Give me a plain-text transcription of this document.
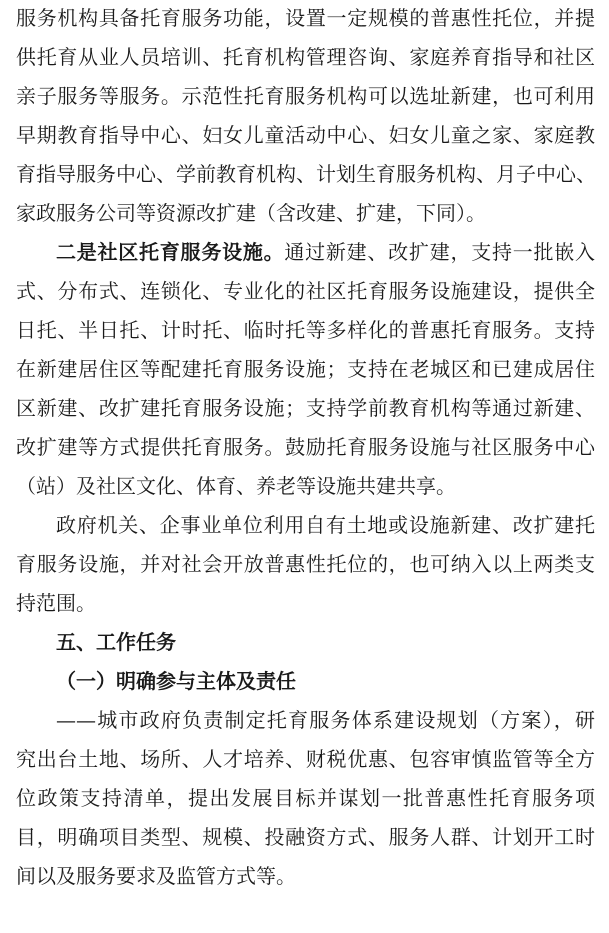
服务机构具备托育服务功能，设置一定规模的普惠性托位，并提
供托育从业人员培训、托育机构管理咨询、家庭养育指导和社区
亲子服务等服务。示范性托育服务机构可以选址新建，也可利用
早期教育指导中心、妇女儿童活动中心、妇女儿童之家、家庭教
育指导服务中心、学前教育机构、计划生育服务机构、月子中心、
家政服务公司等资源改扩建（含改建、扩建，下同）。
二是社区托育服务设施。通过新建、改扩建，支持一批嵌入
式、分布式、连锁化、专业化的社区托育服务设施建设，提供全
日托、半日托、计时托、临时托等多样化的普惠托育服务。支持
在新建居住区等配建托育服务设施；支持在老城区和已建成居住
区新建、改扩建托育服务设施；支持学前教育机构等通过新建、
改扩建等方式提供托育服务。鼓励托育服务设施与社区服务中心
（站）及社区文化、体育、养老等设施共建共享。
政府机关、企事业单位利用自有土地或设施新建、改扩建托
育服务设施，并对社会开放普惠性托位的，也可纳入以上两类支
持范围。
五、工作任务
（一）明确参与主体及责任
——城市政府负责制定托育服务体系建设规划（方案），研
究出台土地、场所、人才培养、财税优惠、包容审慎监管等全方
位政策支持清单，提出发展目标并谋划一批普惠性托育服务项
目，明确项目类型、规模、投融资方式、服务人群、计划开工时
间以及服务要求及监管方式等。
